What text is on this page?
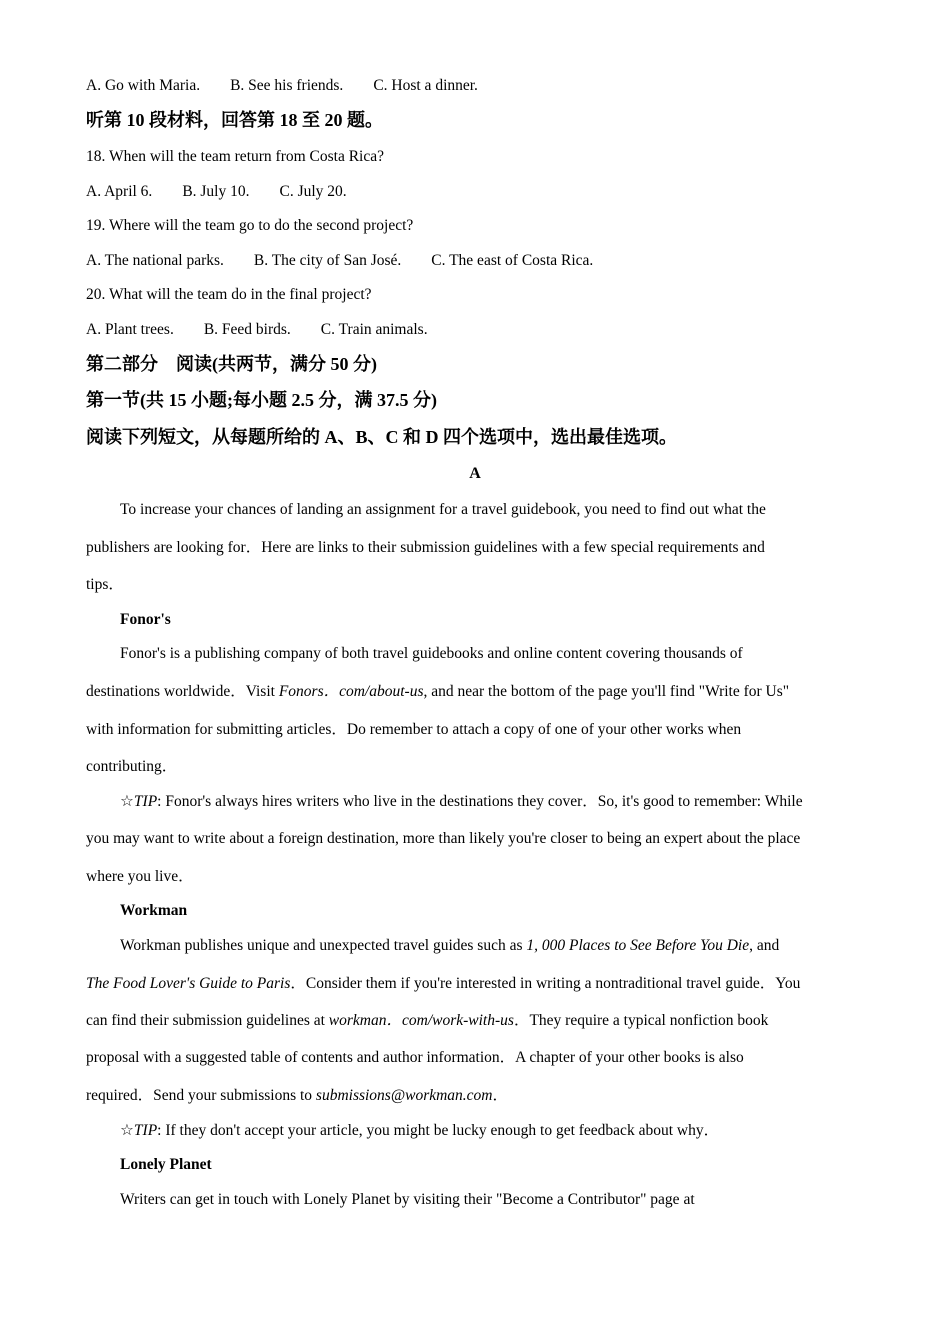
A. Go with Maria. B. See his friends. C. Host a dinner.
听第 10 段材料，回答第 18 至 20 题。
18. When will the team return from Costa Rica?
A. April 6. B. July 10. C. July 20.
19. Where will the team go to do the second project?
A. The national parks. B. The city of San José. C. The east of Costa Rica.
20. What will the team do in the final project?
A. Plant trees. B. Feed birds. C. Train animals.
第二部分    阅读(共两节，满分 50 分)
第一节(共 15 小题;每小题 2.5 分，满 37.5 分)
阅读下列短文，从每题所给的 A、B、C 和 D 四个选项中，选出最佳选项。
A
To increase your chances of landing an assignment for a travel guidebook, you need to find out what the
publishers are looking for．Here are links to their submission guidelines with a few special requirements and
tips．
Fonor's
Fonor's is a publishing company of both travel guidebooks and online content covering thousands of
destinations worldwide．Visit Fonors．com/about-us, and near the bottom of the page you'll find "Write for Us"
with information for submitting articles．Do remember to attach a copy of one of your other works when
contributing．
☆TIP: Fonor's always hires writers who live in the destinations they cover．So, it's good to remember: While
you may want to write about a foreign destination, more than likely you're closer to being an expert about the place
where you live．
Workman
Workman publishes unique and unexpected travel guides such as 1, 000 Places to See Before You Die, and
The Food Lover's Guide to Paris．Consider them if you're interested in writing a nontraditional travel guide．You
can find their submission guidelines at workman．com/work-with-us．They require a typical nonfiction book
proposal with a suggested table of contents and author information．A chapter of your other books is also
required．Send your submissions to submissions@workman.com．
☆TIP: If they don't accept your article, you might be lucky enough to get feedback about why．
Lonely Planet
Writers can get in touch with Lonely Planet by visiting their "Become a Contributor" page at
